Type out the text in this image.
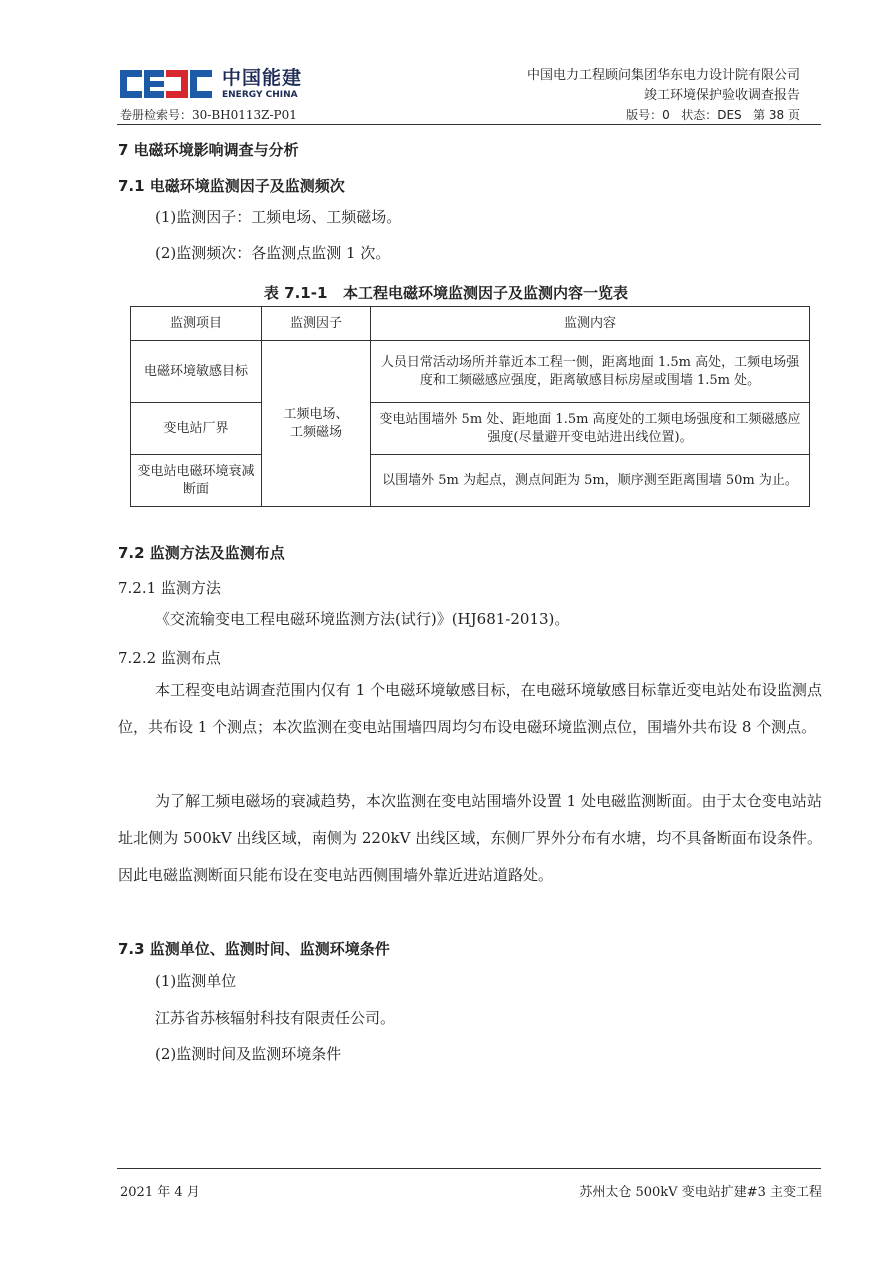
中国能建
ENERGY CHINA
中国电力工程顾问集团华东电力设计院有限公司
竣工环境保护验收调查报告
卷册检索号：30-BH0113Z-P01	版号：0   状态：DES   第 38 页
7 电磁环境影响调查与分析
7.1 电磁环境监测因子及监测频次
(1)监测因子：工频电场、工频磁场。
(2)监测频次：各监测点监测 1 次。
表 7.1-1   本工程电磁环境监测因子及监测内容一览表
监测项目	监测因子	监测内容
电磁环境敏感目标	工频电场、工频磁场	人员日常活动场所并靠近本工程一侧，距离地面 1.5m 高处，工频电场强度和工频磁感应强度，距离敏感目标房屋或围墙 1.5m 处。
变电站厂界		变电站围墙外 5m 处、距地面 1.5m 高度处的工频电场强度和工频磁感应强度(尽量避开变电站进出线位置)。
变电站电磁环境衰减断面		以围墙外 5m 为起点，测点间距为 5m，顺序测至距离围墙 50m 为止。
7.2 监测方法及监测布点
7.2.1 监测方法
《交流输变电工程电磁环境监测方法(试行)》(HJ681-2013)。
7.2.2 监测布点
本工程变电站调查范围内仅有 1 个电磁环境敏感目标，在电磁环境敏感目标靠近变电站处布设监测点位，共布设 1 个测点；本次监测在变电站围墙四周均匀布设电磁环境监测点位，围墙外共布设 8 个测点。
为了解工频电磁场的衰减趋势，本次监测在变电站围墙外设置 1 处电磁监测断面。由于太仓变电站站址北侧为 500kV 出线区域，南侧为 220kV 出线区域，东侧厂界外分布有水塘，均不具备断面布设条件。因此电磁监测断面只能布设在变电站西侧围墙外靠近进站道路处。
7.3 监测单位、监测时间、监测环境条件
(1)监测单位
江苏省苏核辐射科技有限责任公司。
(2)监测时间及监测环境条件
2021 年 4 月	苏州太仓 500kV 变电站扩建#3 主变工程
